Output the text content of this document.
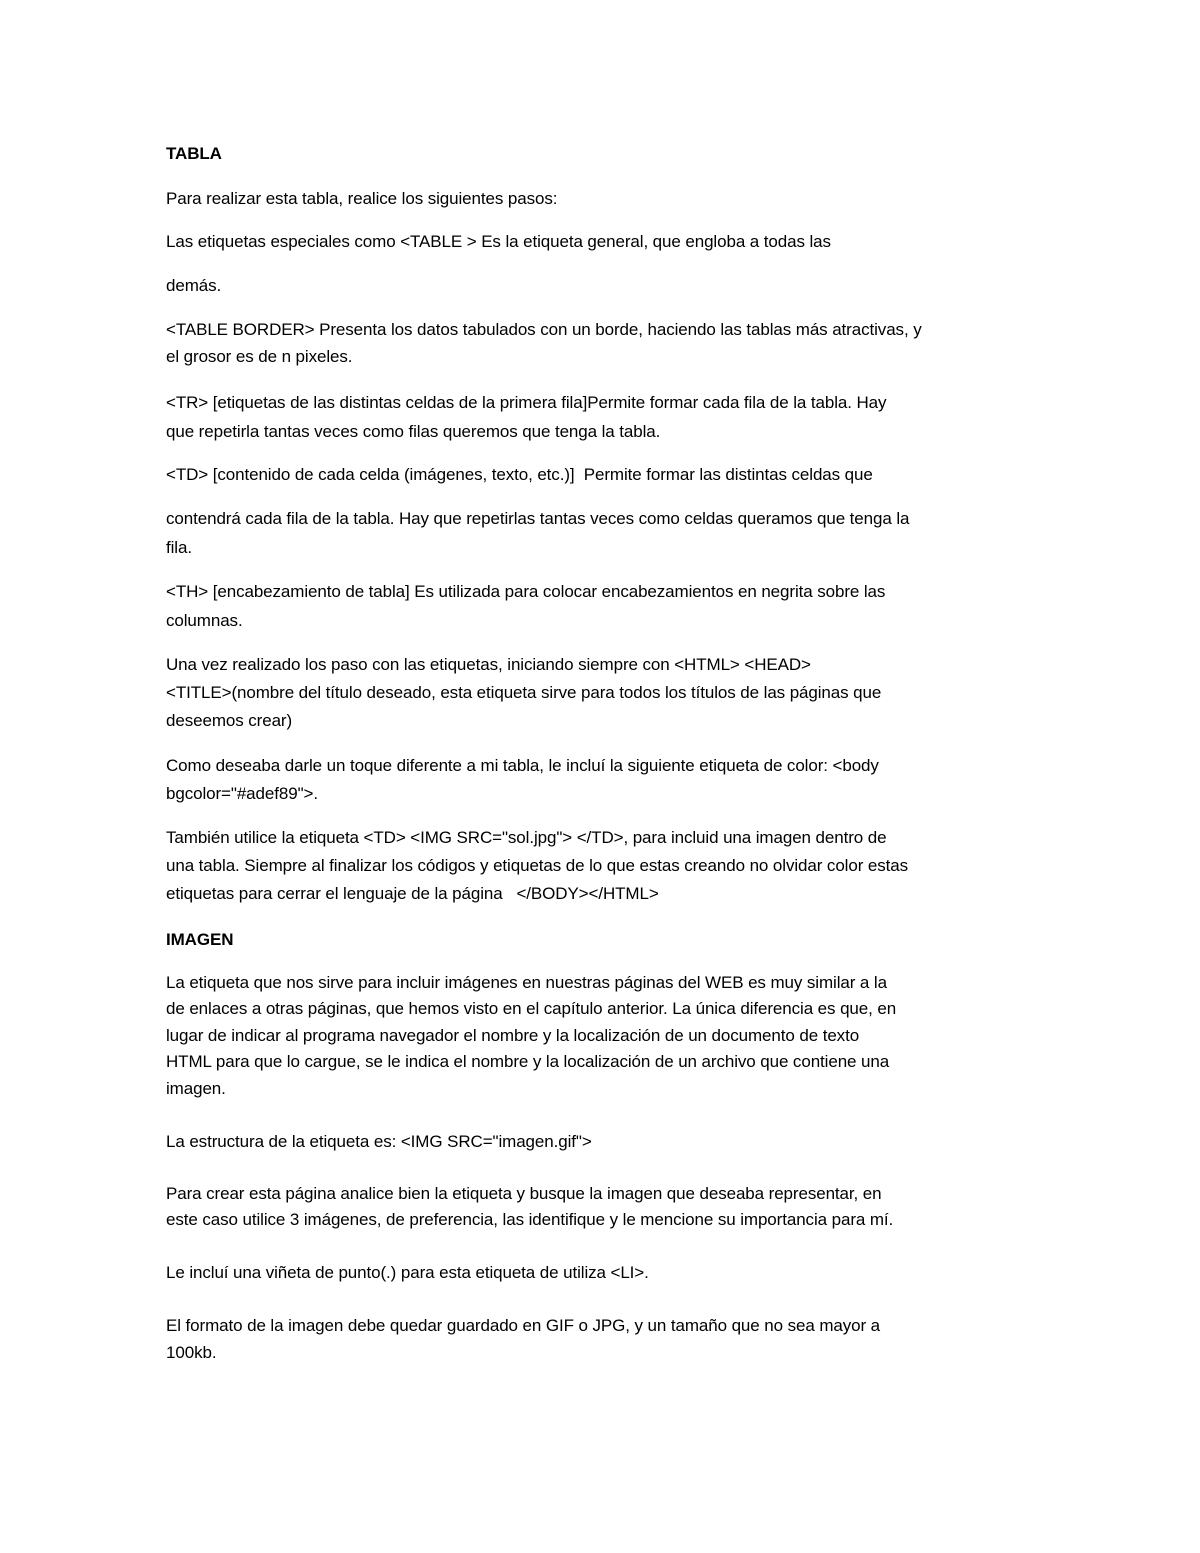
TABLA
Para realizar esta tabla, realice los siguientes pasos:
Las etiquetas especiales como <TABLE > Es la etiqueta general, que engloba a todas las
demás.
<TABLE BORDER> Presenta los datos tabulados con un borde, haciendo las tablas más atractivas, y
el grosor es de n pixeles.
<TR> [etiquetas de las distintas celdas de la primera fila]Permite formar cada fila de la tabla. Hay
que repetirla tantas veces como filas queremos que tenga la tabla.
<TD> [contenido de cada celda (imágenes, texto, etc.)]  Permite formar las distintas celdas que
contendrá cada fila de la tabla. Hay que repetirlas tantas veces como celdas queramos que tenga la
fila.
<TH> [encabezamiento de tabla] Es utilizada para colocar encabezamientos en negrita sobre las
columnas.
Una vez realizado los paso con las etiquetas, iniciando siempre con <HTML> <HEAD>
<TITLE>(nombre del título deseado, esta etiqueta sirve para todos los títulos de las páginas que
deseemos crear)
Como deseaba darle un toque diferente a mi tabla, le incluí la siguiente etiqueta de color: <body
bgcolor="#adef89">.
También utilice la etiqueta <TD> <IMG SRC="sol.jpg"> </TD>, para incluid una imagen dentro de
una tabla. Siempre al finalizar los códigos y etiquetas de lo que estas creando no olvidar color estas
etiquetas para cerrar el lenguaje de la página   </BODY></HTML>
IMAGEN
La etiqueta que nos sirve para incluir imágenes en nuestras páginas del WEB es muy similar a la
de enlaces a otras páginas, que hemos visto en el capítulo anterior. La única diferencia es que, en
lugar de indicar al programa navegador el nombre y la localización de un documento de texto
HTML para que lo cargue, se le indica el nombre y la localización de un archivo que contiene una
imagen.
La estructura de la etiqueta es: <IMG SRC="imagen.gif">
Para crear esta página analice bien la etiqueta y busque la imagen que deseaba representar, en
este caso utilice 3 imágenes, de preferencia, las identifique y le mencione su importancia para mí.
Le incluí una viñeta de punto(.) para esta etiqueta de utiliza <LI>.
El formato de la imagen debe quedar guardado en GIF o JPG, y un tamaño que no sea mayor a
100kb.
